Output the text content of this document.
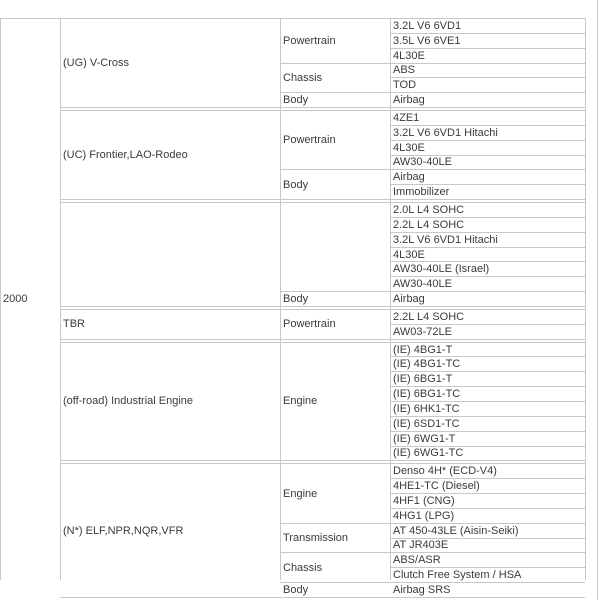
3.2L V6 6VD1
3.5L V6 6VE1
4L30E
Powertrain
ABS
TOD
Chassis
Airbag
Body
(UG) V-Cross
4ZE1
3.2L V6 6VD1 Hitachi
4L30E
AW30-40LE
Powertrain
Airbag
Immobilizer
Body
(UC) Frontier,LAO-Rodeo
2.0L L4 SOHC
2.2L L4 SOHC
3.2L V6 6VD1 Hitachi
4L30E
AW30-40LE (Israel)
AW30-40LE
Airbag
Body
2.2L L4 SOHC
AW03-72LE
Powertrain
TBR
(IE) 4BG1-T
(IE) 4BG1-TC
(IE) 6BG1-T
(IE) 6BG1-TC
(IE) 6HK1-TC
(IE) 6SD1-TC
(IE) 6WG1-T
(IE) 6WG1-TC
Engine
(off-road) Industrial Engine
Denso 4H* (ECD-V4)
4HE1-TC (Diesel)
4HF1 (CNG)
4HG1 (LPG)
Engine
AT 450-43LE (Aisin-Seiki)
AT JR403E
Transmission
ABS/ASR
Clutch Free System / HSA
Chassis
Airbag SRS
Body
(N*) ELF,NPR,NQR,VFR
2000
